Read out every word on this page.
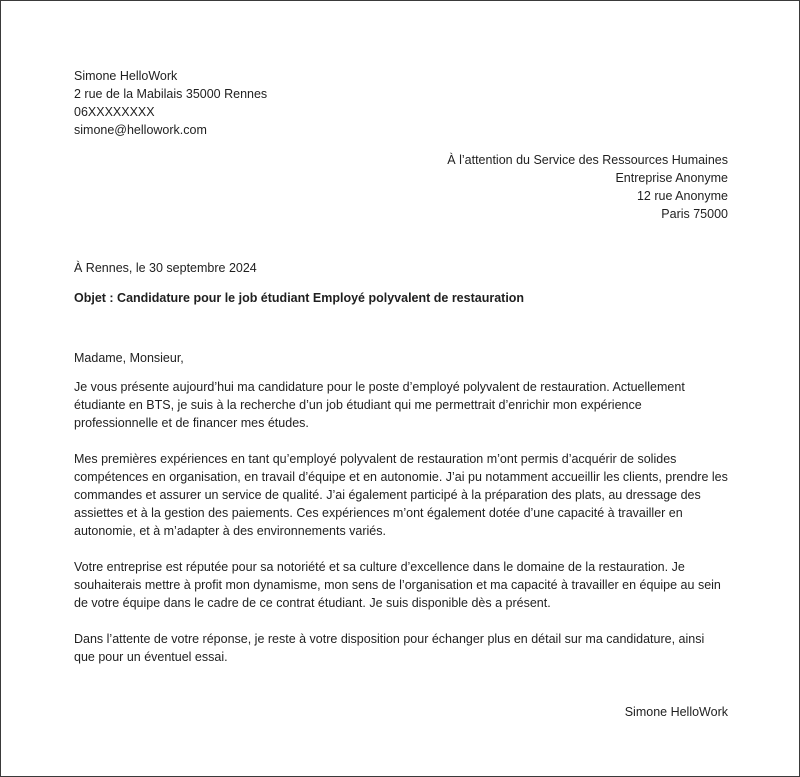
Simone HelloWork

2 rue de la Mabilais 35000 Rennes

06XXXXXXXX

simone@hellowork.com

À l’attention du Service des Ressources Humaines

Entreprise Anonyme

12 rue Anonyme

Paris 75000

À Rennes, le 30 septembre 2024

Objet : Candidature pour le job étudiant Employé polyvalent de restauration

Madame, Monsieur,

Je vous présente aujourd’hui ma candidature pour le poste d’employé polyvalent de restauration. Actuellement étudiante en BTS, je suis à la recherche d’un job étudiant qui me permettrait d’enrichir mon expérience professionnelle et de financer mes études.

Mes premières expériences en tant qu’employé polyvalent de restauration m’ont permis d’acquérir de solides compétences en organisation, en travail d’équipe et en autonomie. J’ai pu notamment accueillir les clients, prendre les commandes et assurer un service de qualité. J’ai également participé à la préparation des plats, au dressage des assiettes et à la gestion des paiements. Ces expériences m’ont également dotée d’une capacité à travailler en autonomie, et à m’adapter à des environnements variés.

Votre entreprise est réputée pour sa notoriété et sa culture d’excellence dans le domaine de la restauration. Je souhaiterais mettre à profit mon dynamisme, mon sens de l’organisation et ma capacité à travailler en équipe au sein de votre équipe dans le cadre de ce contrat étudiant. Je suis disponible dès a présent.

Dans l’attente de votre réponse, je reste à votre disposition pour échanger plus en détail sur ma candidature, ainsi que pour un éventuel essai.

Simone HelloWork
